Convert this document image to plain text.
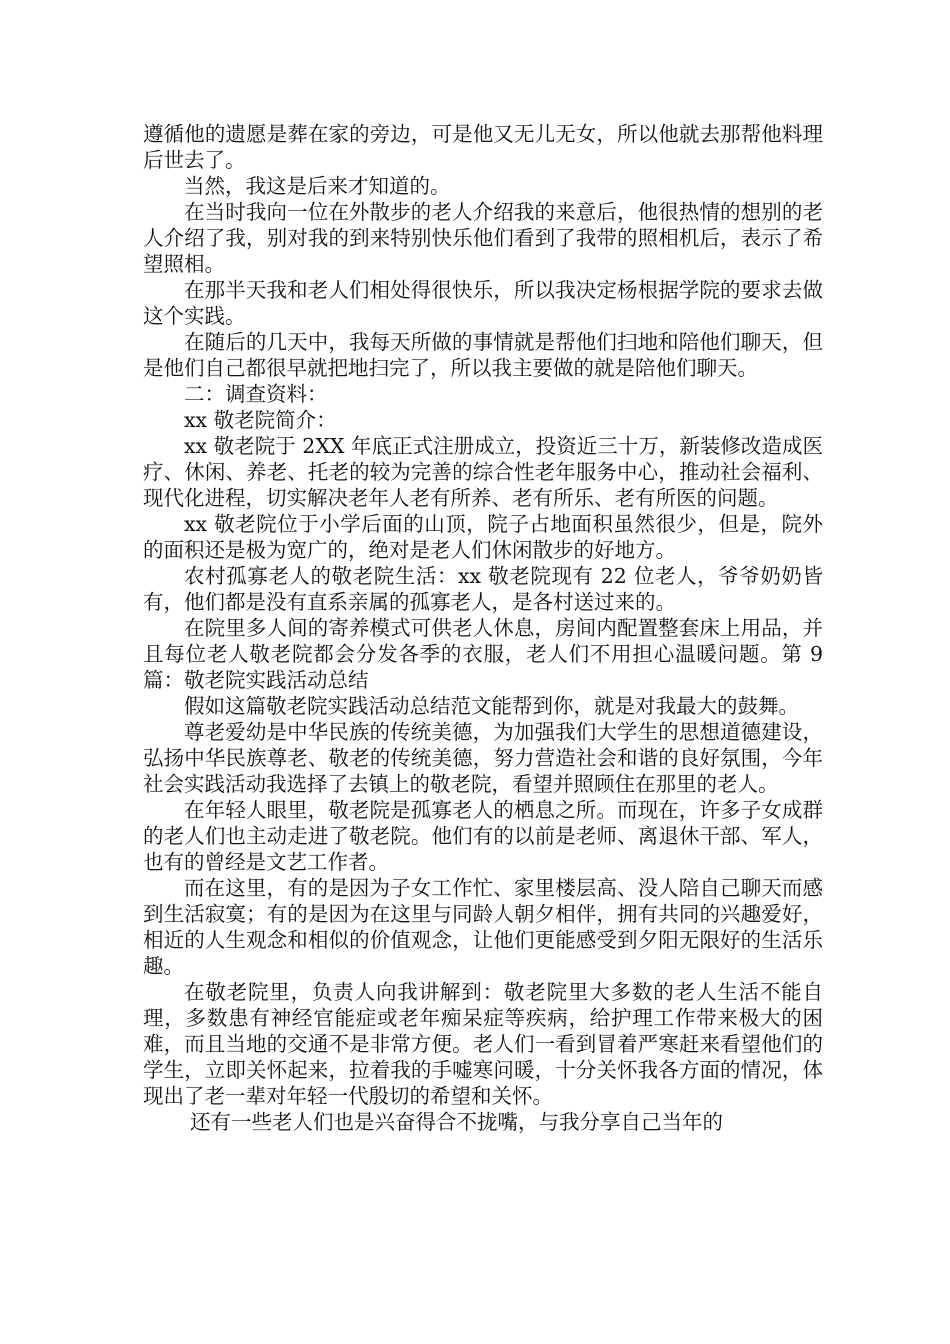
遵循他的遗愿是葬在家的旁边，可是他又无儿无女，所以他就去那帮他料理后世去了。

当然，我这是后来才知道的。

在当时我向一位在外散步的老人介绍我的来意后，他很热情的想别的老人介绍了我，别对我的到来特别快乐他们看到了我带的照相机后，表示了希望照相。

在那半天我和老人们相处得很快乐，所以我决定杨根据学院的要求去做这个实践。

在随后的几天中，我每天所做的事情就是帮他们扫地和陪他们聊天，但是他们自己都很早就把地扫完了，所以我主要做的就是陪他们聊天。

二：调查资料：

xx 敬老院简介：

xx 敬老院于 2XX 年底正式注册成立，投资近三十万，新装修改造成医疗、休闲、养老、托老的较为完善的综合性老年服务中心，推动社会福利、现代化进程，切实解决老年人老有所养、老有所乐、老有所医的问题。

xx 敬老院位于小学后面的山顶，院子占地面积虽然很少，但是，院外的面积还是极为宽广的，绝对是老人们休闲散步的好地方。

农村孤寡老人的敬老院生活：xx 敬老院现有 22 位老人，爷爷奶奶皆有，他们都是没有直系亲属的孤寡老人，是各村送过来的。

在院里多人间的寄养模式可供老人休息，房间内配置整套床上用品，并且每位老人敬老院都会分发各季的衣服，老人们不用担心温暖问题。第 9 篇：敬老院实践活动总结

假如这篇敬老院实践活动总结范文能帮到你，就是对我最大的鼓舞。

尊老爱幼是中华民族的传统美德，为加强我们大学生的思想道德建设，弘扬中华民族尊老、敬老的传统美德，努力营造社会和谐的良好氛围，今年社会实践活动我选择了去镇上的敬老院，看望并照顾住在那里的老人。

在年轻人眼里，敬老院是孤寡老人的栖息之所。而现在，许多子女成群的老人们也主动走进了敬老院。他们有的以前是老师、离退休干部、军人，也有的曾经是文艺工作者。

而在这里，有的是因为子女工作忙、家里楼层高、没人陪自己聊天而感到生活寂寞；有的是因为在这里与同龄人朝夕相伴，拥有共同的兴趣爱好，相近的人生观念和相似的价值观念，让他们更能感受到夕阳无限好的生活乐趣。

在敬老院里，负责人向我讲解到：敬老院里大多数的老人生活不能自理，多数患有神经官能症或老年痴呆症等疾病，给护理工作带来极大的困难，而且当地的交通不是非常方便。老人们一看到冒着严寒赶来看望他们的学生，立即关怀起来，拉着我的手嘘寒问暖，十分关怀我各方面的情况，体现出了老一辈对年轻一代殷切的希望和关怀。

还有一些老人们也是兴奋得合不拢嘴，与我分享自己当年的
